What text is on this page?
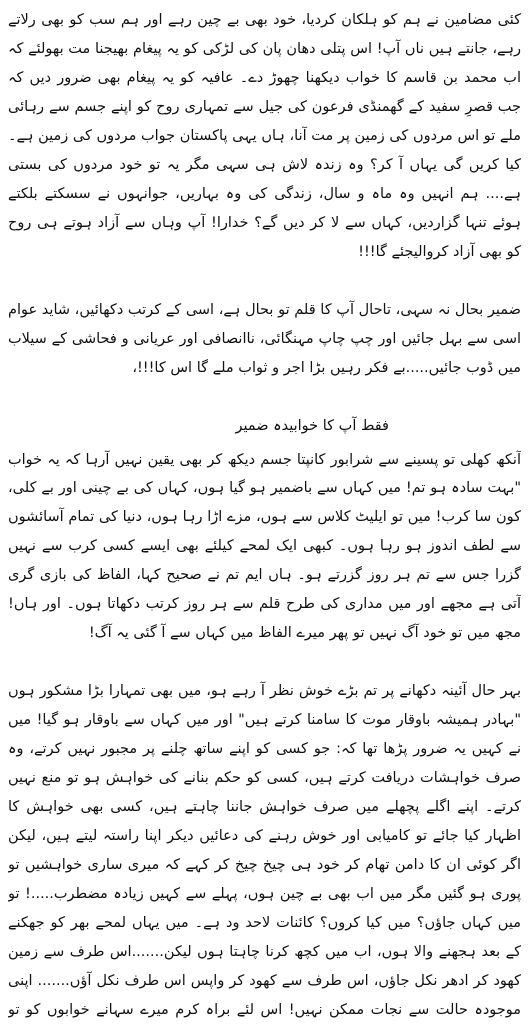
کئی مضامین نے ہم کو ہلکان کردیا، خود بھی بے چین رہے اور ہم سب کو بھی رلاتے رہے، جانتے ہیں ناں آپ! اس پتلی دھان پان کی لڑکی کو یہ پیغام بھیجنا مت بھولئے کہ اب محمد بن قاسم کا خواب دیکھنا چھوڑ دے۔ عافیہ کو یہ پیغام بھی ضرور دیں کہ جب قصرِ سفید کے گھمنڈی فرعون کی جیل سے تمہاری روح کو اپنے جسم سے رہائی ملے تو اس مردوں کی زمین پر مت آنا، ہاں یہی پاکستان جواب مردوں کی زمین ہے۔ کیا کریں گی یہاں آ کر؟ وہ زندہ لاش ہی سہی مگر یہ تو خود مردوں کی بستی ہے.... ہم انہیں وہ ماہ و سال، زندگی کی وہ بہاریں، جوانہوں نے سسکتے بلکتے ہوئے تنہا گزاردیں، کہاں سے لا کر دیں گے؟ خدارا! آپ وہاں سے آزاد ہوتے ہی روح کو بھی آزاد کروالیجئے گا!!!

ضمیر بحال نہ سہی، تاحال آپ کا قلم تو بحال ہے، اسی کے کرتب دکھائیں، شاید عوام اسی سے بہل جائیں اور چپ چاپ مہنگائی، ناانصافی اور عریانی و فحاشی کے سیلاب میں ڈوب جائیں.....بے فکر رہیں بڑا اجر و ثواب ملے گا اس کا!!!،

فقط آپ کا خوابیدہ ضمیر

آنکھ کھلی تو پسینے سے شرابور کانپتا جسم دیکھ کر بھی یقین نہیں آرہا کہ یہ خواب

"بہت سادہ ہو تم! میں کہاں سے باضمیر ہو گیا ہوں، کہاں کی بے چینی اور بے کلی، کون سا کرب! میں تو ایلیٹ کلاس سے ہوں، مزے اڑا رہا ہوں، دنیا کی تمام آسائشوں سے لطف اندوز ہو رہا ہوں۔ کبھی ایک لمحے کیلئے بھی ایسے کسی کرب سے نہیں گزرا جس سے تم ہر روز گزرتے ہو۔ ہاں ایم تم نے صحیح کہا، الفاظ کی بازی گری آتی ہے مجھے اور میں مداری کی طرح قلم سے ہر روز کرتب دکھاتا ہوں۔ اور ہاں! مجھ میں تو خود آگ نہیں تو پھر میرے الفاظ میں کہاں سے آ گئی یہ آگ!

بہر حال آئینہ دکھانے پر تم بڑے خوش نظر آ رہے ہو، میں بھی تمہارا بڑا مشکور ہوں "بہادر ہمیشہ باوقار موت کا سامنا کرتے ہیں" اور میں کہاں سے باوقار ہو گیا! میں نے کہیں یہ ضرور پڑھا تھا کہ: جو کسی کو اپنے ساتھ چلنے پر مجبور نہیں کرتے، وہ صرف خواہشات دریافت کرتے ہیں، کسی کو حکم بنانے کی خواہش ہو تو منع نہیں کرتے۔ اپنے اگلے پچھلے میں صرف خواہش جاننا چاہتے ہیں، کسی بھی خواہش کا اظہار کیا جائے تو کامیابی اور خوش رہنے کی دعائیں دیکر اپنا راستہ لیتے ہیں، لیکن اگر کوئی ان کا دامن تھام کر خود ہی چیخ چیخ کر کہے کہ میری ساری خواہشیں تو پوری ہو گئیں مگر میں اب بھی بے چین ہوں، پہلے سے کہیں زیادہ مضطرب.....! تو

میں کہاں جاؤں؟ میں کیا کروں؟ کائنات لاحد ود ہے۔ میں یہاں لمحے بھر کو جھکنے کے بعد ہجھنے والا ہوں، اب میں کچھ کرنا چاہتا ہوں لیکن.......اس طرف سے زمین کھود کر ادھر نکل جاؤں، اس طرف سے کھود کر واپس اس طرف نکل آؤں....... اپنی موجودہ حالت سے نجات ممکن نہیں! اس لئے براہ کرم میرے سہانے خوابوں کو تو
